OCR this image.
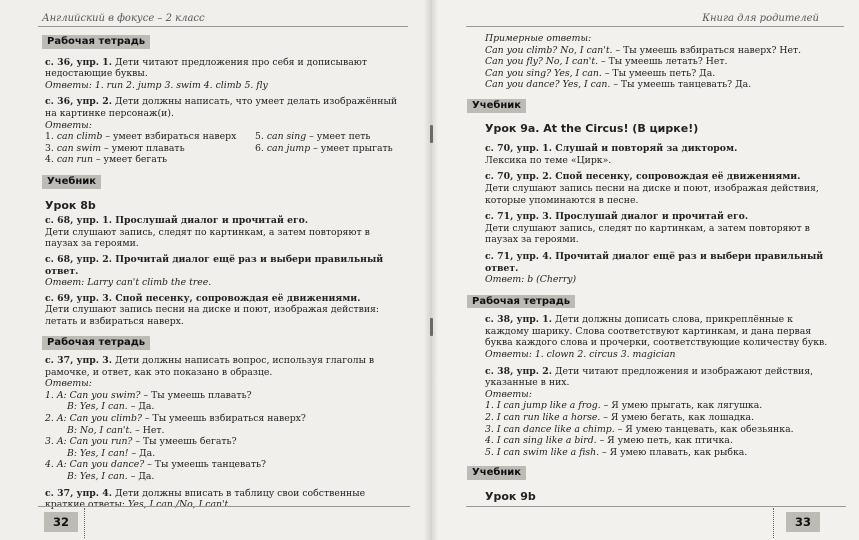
Английский в фокусе – 2 класс
Рабочая тетрадь

с. 36, упр. 1. Дети читают предложения про себя и дописывают

недостающие буквы.

Ответы: 1. run 2. jump 3. swim 4. climb 5. fly

с. 36, упр. 2. Дети должны написать, что умеет делать изображённый

на картинке персонаж(и).

Ответы:

1. can climb – умеет взбираться наверх

3. can swim – умеют плавать

4. can run – умеет бегать

5. can sing – умеет петь

6. can jump – умеет прыгать

Учебник

Урок 8b

с. 68, упр. 1. Прослушай диалог и прочитай его.

Дети слушают запись, следят по картинкам, а затем повторяют в

паузах за героями.

с. 68, упр. 2. Прочитай диалог ещё раз и выбери правильный ответ.

Ответ: Larry can't climb the tree.

с. 69, упр. 3. Спой песенку, сопровождая её движениями.

Дети слушают запись песни на диске и поют, изображая действия:

летать и взбираться наверх.

Рабочая тетрадь

с. 37, упр. 3. Дети должны написать вопрос, используя глаголы в

рамочке, и ответ, как это показано в образце.

Ответы:

1. A: Can you swim? – Ты умеешь плавать?

B: Yes, I can. – Да.

2. A: Can you climb? – Ты умеешь взбираться наверх?

B: No, I can't. – Нет.

3. A: Can you run? – Ты умеешь бегать?

B: Yes, I can! – Да.

4. A: Can you dance? – Ты умеешь танцевать?

B: Yes, I can. – Да.

с. 37, упр. 4. Дети должны вписать в таблицу свои собственные

краткие ответы: Yes, I can./No, I can't.

32
Книга для родителей

Примерные ответы:

Can you climb? No, I can't. – Ты умеешь взбираться наверх? Нет.

Can you fly? No, I can't. – Ты умеешь летать? Нет.

Can you sing? Yes, I can. – Ты умеешь петь? Да.

Can you dance? Yes, I can. – Ты умеешь танцевать? Да.

Учебник

Урок 9а. At the Circus! (В цирке!)

с. 70, упр. 1. Слушай и повторяй за диктором.

Лексика по теме «Цирк».

с. 70, упр. 2. Спой песенку, сопровождая её движениями.

Дети слушают запись песни на диске и поют, изображая действия,

которые упоминаются в песне.

с. 71, упр. 3. Прослушай диалог и прочитай его.

Дети слушают запись, следят по картинкам, а затем повторяют в

паузах за героями.

с. 71, упр. 4. Прочитай диалог ещё раз и выбери правильный ответ.

Ответ: b (Cherry)

Рабочая тетрадь

с. 38, упр. 1. Дети должны дописать слова, прикреплённые к

каждому шарику. Слова соответствуют картинкам, и дана первая

буква каждого слова и прочерки, соответствующие количеству букв.

Ответы: 1. clown 2. circus 3. magician

с. 38, упр. 2. Дети читают предложения и изображают действия,

указанные в них.

Ответы:

1. I can jump like a frog. – Я умею прыгать, как лягушка.

2. I can run like a horse. – Я умею бегать, как лошадка.

3. I can dance like a chimp. – Я умею танцевать, как обезьянка.

4. I can sing like a bird. – Я умею петь, как птичка.

5. I can swim like a fish. – Я умею плавать, как рыбка.

Учебник

Урок 9b

33
